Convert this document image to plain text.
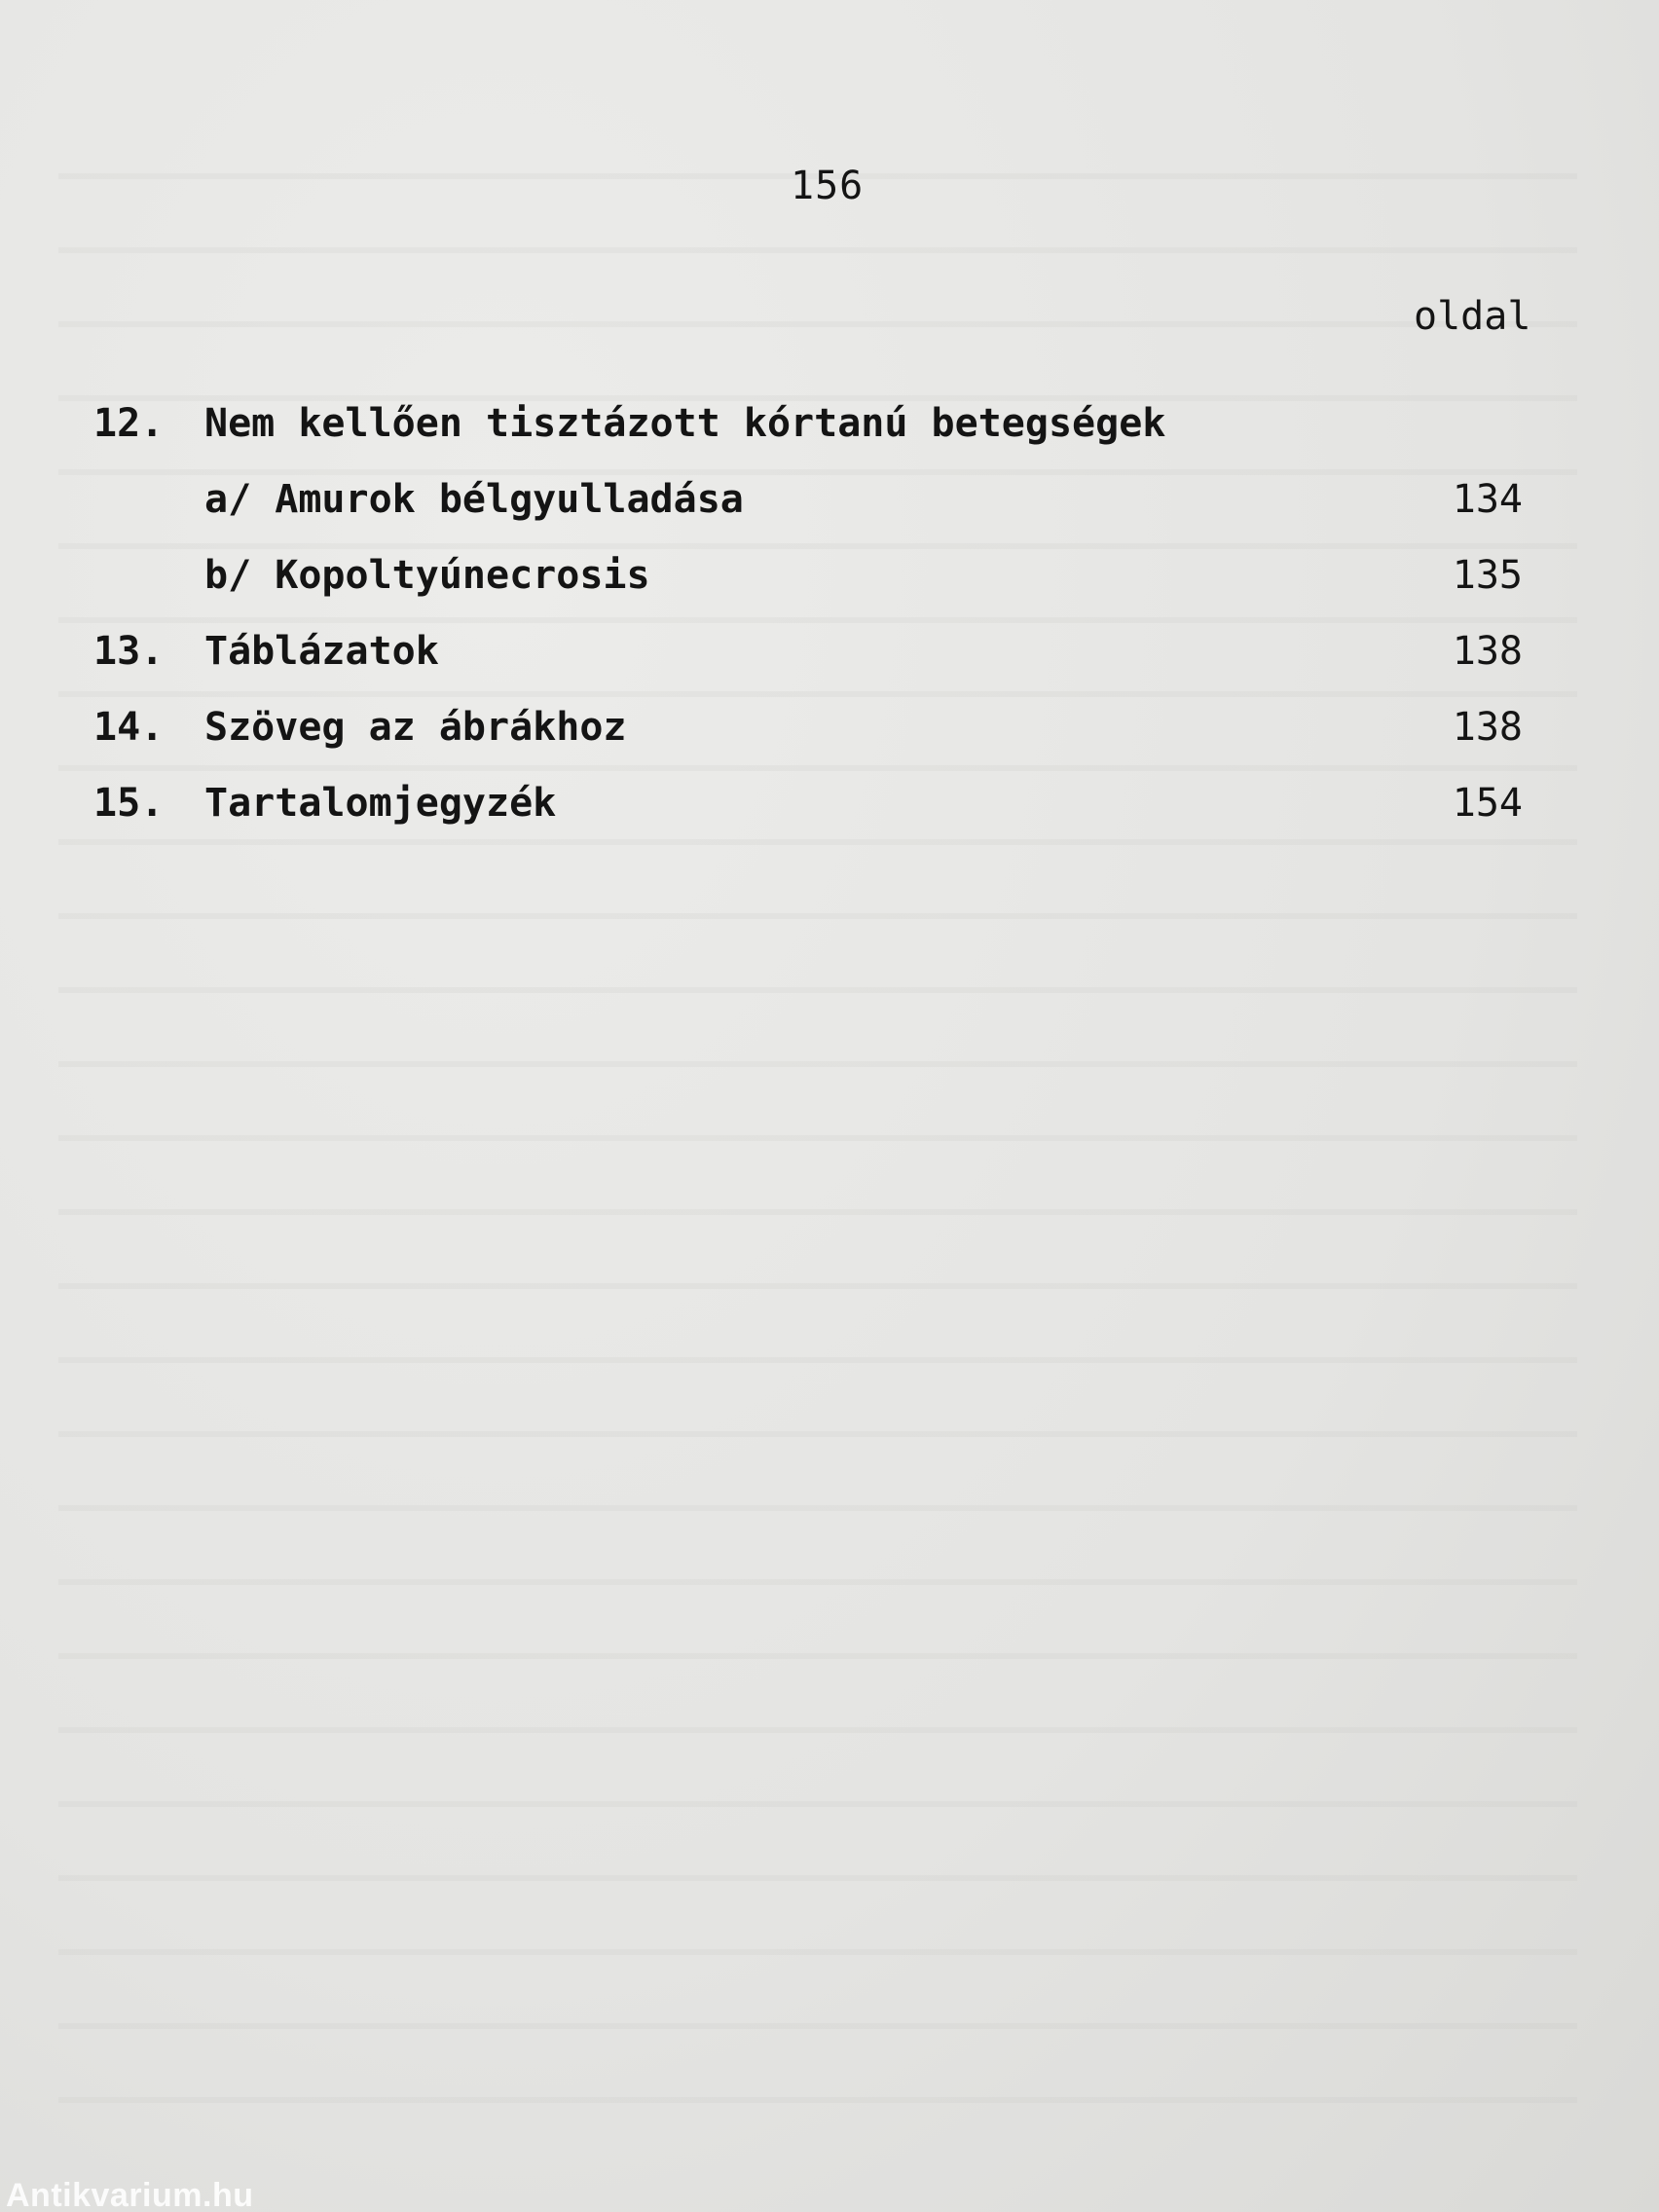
156
oldal
12. Nem kellően tisztázott kórtanú betegségek
a/ Amurok bélgyulladása	134
b/ Kopoltyúnecrosis	135
13. Táblázatok	138
14. Szöveg az ábrákhoz	138
15. Tartalomjegyzék	154
Antikvarium.hu
